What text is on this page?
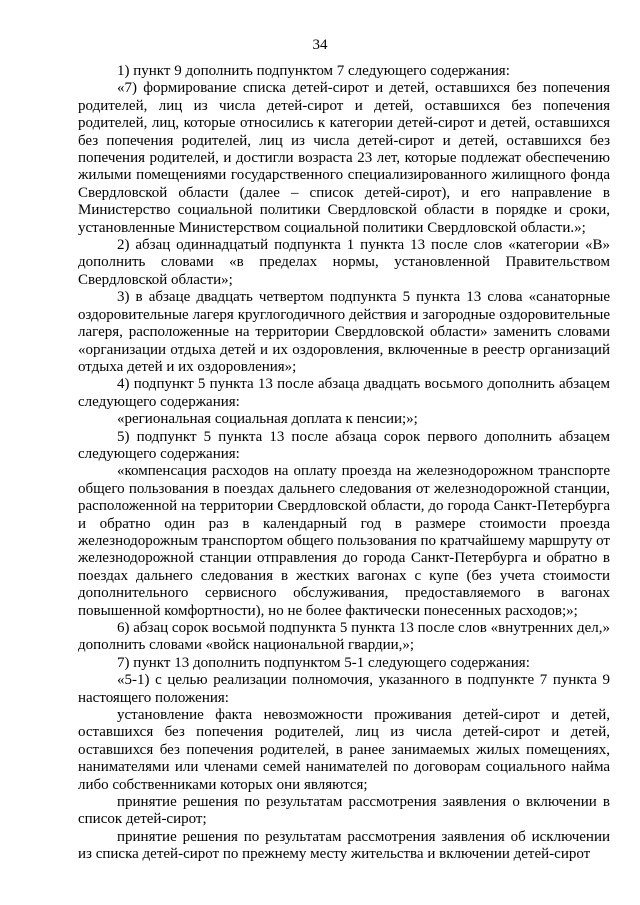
34

1) пункт 9 дополнить подпунктом 7 следующего содержания:

«7) формирование списка детей-сирот и детей, оставшихся без попечения родителей, лиц из числа детей-сирот и детей, оставшихся без попечения родителей, лиц, которые относились к категории детей-сирот и детей, оставшихся без попечения родителей, лиц из числа детей-сирот и детей, оставшихся без попечения родителей, и достигли возраста 23 лет, которые подлежат обеспечению жилыми помещениями государственного специализированного жилищного фонда Свердловской области (далее – список детей-сирот), и его направление в Министерство социальной политики Свердловской области в порядке и сроки, установленные Министерством социальной политики Свердловской области.»;

2) абзац одиннадцатый подпункта 1 пункта 13 после слов «категории «В» дополнить словами «в пределах нормы, установленной Правительством Свердловской области»;

3) в абзаце двадцать четвертом подпункта 5 пункта 13 слова «санаторные оздоровительные лагеря круглогодичного действия и загородные оздоровительные лагеря, расположенные на территории Свердловской области» заменить словами «организации отдыха детей и их оздоровления, включенные в реестр организаций отдыха детей и их оздоровления»;

4) подпункт 5 пункта 13 после абзаца двадцать восьмого дополнить абзацем следующего содержания:

«региональная социальная доплата к пенсии;»;

5) подпункт 5 пункта 13 после абзаца сорок первого дополнить абзацем следующего содержания:

«компенсация расходов на оплату проезда на железнодорожном транспорте общего пользования в поездах дальнего следования от железнодорожной станции, расположенной на территории Свердловской области, до города Санкт-Петербурга и обратно один раз в календарный год в размере стоимости проезда железнодорожным транспортом общего пользования по кратчайшему маршруту от железнодорожной станции отправления до города Санкт-Петербурга и обратно в поездах дальнего следования в жестких вагонах с купе (без учета стоимости дополнительного сервисного обслуживания, предоставляемого в вагонах повышенной комфортности), но не более фактически понесенных расходов;»;

6) абзац сорок восьмой подпункта 5 пункта 13 после слов «внутренних дел,» дополнить словами «войск национальной гвардии,»;

7) пункт 13 дополнить подпунктом 5-1 следующего содержания:

«5-1) с целью реализации полномочия, указанного в подпункте 7 пункта 9 настоящего положения:

установление факта невозможности проживания детей-сирот и детей, оставшихся без попечения родителей, лиц из числа детей-сирот и детей, оставшихся без попечения родителей, в ранее занимаемых жилых помещениях, нанимателями или членами семей нанимателей по договорам социального найма либо собственниками которых они являются;

принятие решения по результатам рассмотрения заявления о включении в список детей-сирот;

принятие решения по результатам рассмотрения заявления об исключении из списка детей-сирот по прежнему месту жительства и включении детей-сирот
